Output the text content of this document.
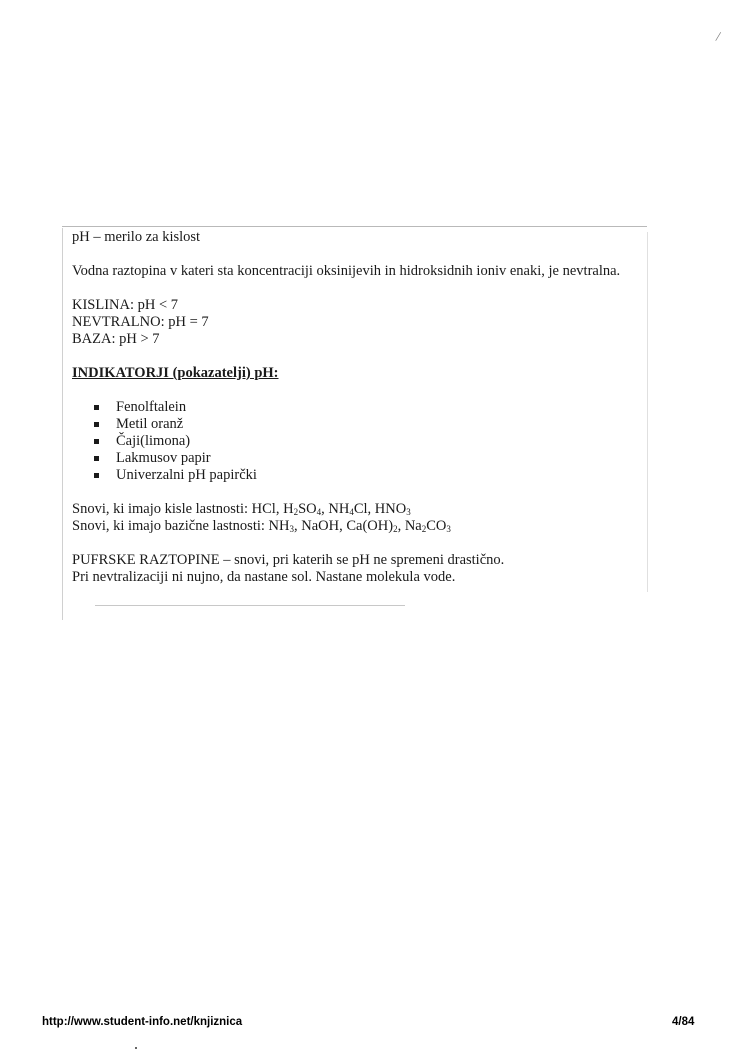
/

pH – merilo za kislost

Vodna raztopina v kateri sta koncentraciji oksinijevih in hidroksidnih ioniv enaki, je nevtralna.

KISLINA: pH < 7
NEVTRALNO: pH = 7
BAZA: pH > 7

INDIKATORJI (pokazatelji) pH:

Fenolftalein
Metil oranž
Čaji(limona)
Lakmusov papir
Univerzalni pH papirčki

Snovi, ki imajo kisle lastnosti: HCl, $H_2SO_4$, $NH_4Cl$, $HNO_3$

Snovi, ki imajo bazične lastnosti: $NH_3$, NaOH, $Ca(OH)_2$, $Na_2CO_3$

PUFRSKE RAZTOPINE – snovi, pri katerih se pH ne spremeni drastično.

Pri nevtralizaciji ni nujno, da nastane sol. Nastane molekula vode.

http://www.student-info.net/knjiznica	4/84
